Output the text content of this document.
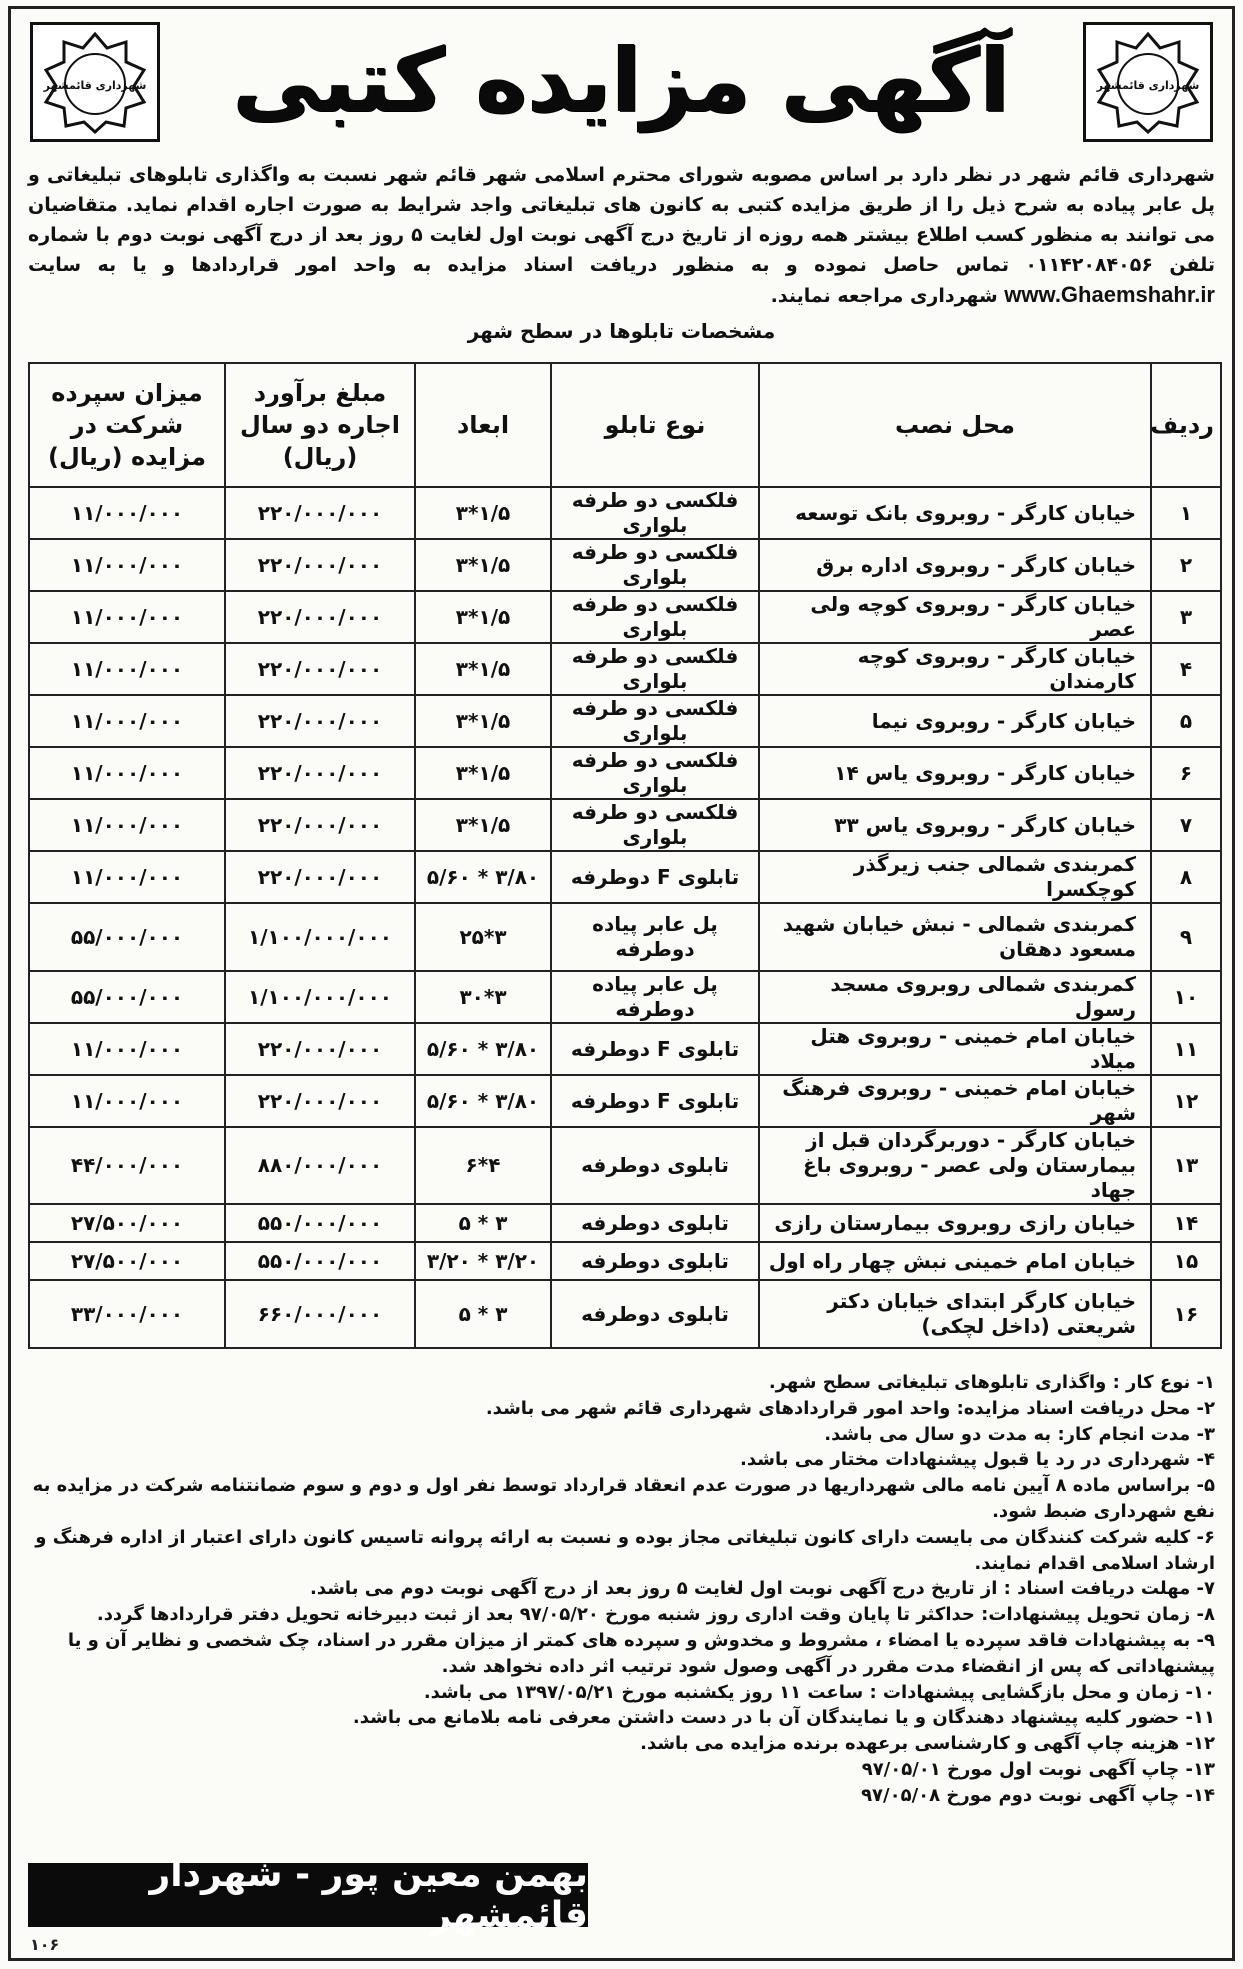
شهرداری قائمشهر
آگهی مزایده کتبی
شهرداری قائمشهر

شهرداری قائم شهر در نظر دارد بر اساس مصوبه شورای محترم اسلامی شهر قائم شهر نسبت به واگذاری تابلوهای تبلیغاتی و پل عابر پیاده به شرح ذیل را از طریق مزایده کتبی به کانون های تبلیغاتی واجد شرایط به صورت اجاره اقدام نماید. متقاضیان می توانند به منظور کسب اطلاع بیشتر همه روزه از تاریخ درج آگهی نوبت اول لغایت ۵ روز بعد از درج آگهی نوبت دوم با شماره تلفن ۰۱۱۴۲۰۸۴۰۵۶ تماس حاصل نموده و به منظور دریافت اسناد مزایده به واحد امور قراردادها و یا به سایت www.Ghaemshahr.ir شهرداری مراجعه نمایند.

مشخصات تابلوها در سطح شهر
ردیف	محل نصب	نوع تابلو	ابعاد	مبلغ برآورد اجاره دو سال (ریال)	میزان سپرده شرکت در مزایده (ریال)
۱	خیابان کارگر - روبروی بانک توسعه	فلکسی دو طرفه بلواری	۱/۵*۳	۲۲۰/۰۰۰/۰۰۰	۱۱/۰۰۰/۰۰۰
۲	خیابان کارگر - روبروی اداره برق	فلکسی دو طرفه بلواری	۱/۵*۳	۲۲۰/۰۰۰/۰۰۰	۱۱/۰۰۰/۰۰۰
۳	خیابان کارگر - روبروی کوچه ولی عصر	فلکسی دو طرفه بلواری	۱/۵*۳	۲۲۰/۰۰۰/۰۰۰	۱۱/۰۰۰/۰۰۰
۴	خیابان کارگر - روبروی کوچه کارمندان	فلکسی دو طرفه بلواری	۱/۵*۳	۲۲۰/۰۰۰/۰۰۰	۱۱/۰۰۰/۰۰۰
۵	خیابان کارگر - روبروی نیما	فلکسی دو طرفه بلواری	۱/۵*۳	۲۲۰/۰۰۰/۰۰۰	۱۱/۰۰۰/۰۰۰
۶	خیابان کارگر - روبروی یاس ۱۴	فلکسی دو طرفه بلواری	۱/۵*۳	۲۲۰/۰۰۰/۰۰۰	۱۱/۰۰۰/۰۰۰
۷	خیابان کارگر - روبروی یاس ۳۳	فلکسی دو طرفه بلواری	۱/۵*۳	۲۲۰/۰۰۰/۰۰۰	۱۱/۰۰۰/۰۰۰
۸	کمربندی شمالی جنب زیرگذر کوچکسرا	تابلوی F دوطرفه	۳/۸۰ * ۵/۶۰	۲۲۰/۰۰۰/۰۰۰	۱۱/۰۰۰/۰۰۰
۹	کمربندی شمالی - نبش خیابان شهید مسعود دهقان	پل عابر پیاده دوطرفه	۳*۲۵	۱/۱۰۰/۰۰۰/۰۰۰	۵۵/۰۰۰/۰۰۰
۱۰	کمربندی شمالی روبروی مسجد رسول	پل عابر پیاده دوطرفه	۳*۳۰	۱/۱۰۰/۰۰۰/۰۰۰	۵۵/۰۰۰/۰۰۰
۱۱	خیابان امام خمینی - روبروی هتل میلاد	تابلوی F دوطرفه	۳/۸۰ * ۵/۶۰	۲۲۰/۰۰۰/۰۰۰	۱۱/۰۰۰/۰۰۰
۱۲	خیابان امام خمینی - روبروی فرهنگ شهر	تابلوی F دوطرفه	۳/۸۰ * ۵/۶۰	۲۲۰/۰۰۰/۰۰۰	۱۱/۰۰۰/۰۰۰
۱۳	خیابان کارگر - دوربرگردان قبل از بیمارستان ولی عصر - روبروی باغ جهاد	تابلوی دوطرفه	۴*۶	۸۸۰/۰۰۰/۰۰۰	۴۴/۰۰۰/۰۰۰
۱۴	خیابان رازی روبروی بیمارستان رازی	تابلوی دوطرفه	۳ * ۵	۵۵۰/۰۰۰/۰۰۰	۲۷/۵۰۰/۰۰۰
۱۵	خیابان امام خمینی نبش چهار راه اول	تابلوی دوطرفه	۳/۲۰ * ۳/۲۰	۵۵۰/۰۰۰/۰۰۰	۲۷/۵۰۰/۰۰۰
۱۶	خیابان کارگر ابتدای خیابان دکتر شریعتی (داخل لچکی)	تابلوی دوطرفه	۳ * ۵	۶۶۰/۰۰۰/۰۰۰	۳۳/۰۰۰/۰۰۰
۱- نوع کار : واگذاری تابلوهای تبلیغاتی سطح شهر.
۲- محل دریافت اسناد مزایده: واحد امور قراردادهای شهرداری قائم شهر می باشد.
۳- مدت انجام کار: به مدت دو سال می باشد.
۴- شهرداری در رد یا قبول پیشنهادات مختار می باشد.
۵- براساس ماده ۸ آیین نامه مالی شهرداریها در صورت عدم انعقاد قرارداد توسط نفر اول و دوم و سوم ضمانتنامه شرکت در مزایده به نفع شهرداری ضبط شود.
۶- کلیه شرکت کنندگان می بایست دارای کانون تبلیغاتی مجاز بوده و نسبت به ارائه پروانه تاسیس کانون دارای اعتبار از اداره فرهنگ و ارشاد اسلامی اقدام نمایند.
۷- مهلت دریافت اسناد : از تاریخ درج آگهی نوبت اول لغایت ۵ روز بعد از درج آگهی نوبت دوم می باشد.
۸- زمان تحویل پیشنهادات: حداکثر تا پایان وقت اداری روز شنبه مورخ ۹۷/۰۵/۲۰ بعد از ثبت دبیرخانه تحویل دفتر قراردادها گردد.
۹- به پیشنهادات فاقد سپرده یا امضاء ، مشروط و مخدوش و سپرده های کمتر از میزان مقرر در اسناد، چک شخصی و نظایر آن و یا پیشنهاداتی که پس از انقضاء مدت مقرر در آگهی وصول شود ترتیب اثر داده نخواهد شد.
۱۰- زمان و محل بازگشایی پیشنهادات : ساعت ۱۱ روز یکشنبه مورخ ۱۳۹۷/۰۵/۲۱ می باشد.
۱۱- حضور کلیه پیشنهاد دهندگان و یا نمایندگان آن با در دست داشتن معرفی نامه بلامانع می باشد.
۱۲- هزینه چاپ آگهی و کارشناسی برعهده برنده مزایده می باشد.
۱۳- چاپ آگهی نوبت اول مورخ ۹۷/۰۵/۰۱
۱۴- چاپ آگهی نوبت دوم مورخ ۹۷/۰۵/۰۸
بهمن معین پور - شهردار قائمشهر
۱۰۶
